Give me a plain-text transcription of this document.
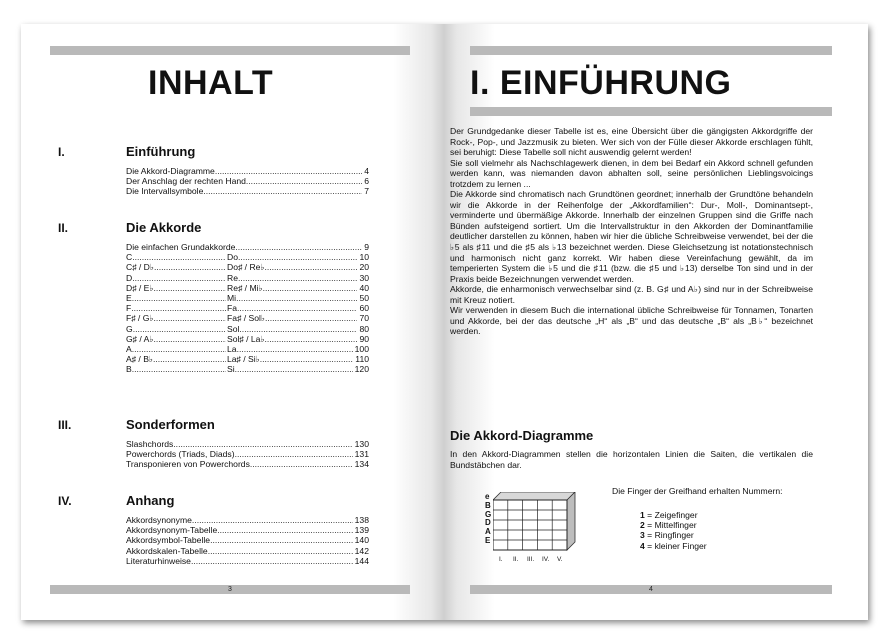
INHALT
I.	Einführung
Die Akkord-Diagramme .....	4
Der Anschlag der rechten Hand .....	6
Die Intervallsymbole .....	7
II.	Die Akkorde
Die einfachen Grundakkorde .....	9
C .....	Do .....	10
C♯ / D♭ .....	Do♯ / Re♭ .....	20
D .....	Re .....	30
D♯ / E♭ .....	Re♯ / Mi♭ .....	40
E .....	Mi .....	50
F .....	Fa .....	60
F♯ / G♭ .....	Fa♯ / Sol♭ .....	70
G .....	Sol .....	80
G♯ / A♭ .....	Sol♯ / La♭ .....	90
A .....	La .....	100
A♯ / B♭ .....	La♯ / Si♭ .....	110
B .....	Si .....	120
III.	Sonderformen
Slashchords .....	130
Powerchords (Triads, Diads) .....	131
Transponieren von Powerchords .....	134
IV.	Anhang
Akkordsynonyme .....	138
Akkordsynonym-Tabelle .....	139
Akkordsymbol-Tabelle .....	140
Akkordskalen-Tabelle .....	142
Literaturhinweise .....	144
3
I. EINFÜHRUNG

Der Grundgedanke dieser Tabelle ist es, eine Übersicht über die gängigsten Akkordgriffe der Rock-, Pop-, und Jazzmusik zu bieten. Wer sich von der Fülle dieser Akkorde erschlagen fühlt, sei beruhigt: Diese Tabelle soll nicht auswendig gelernt werden!

Sie soll vielmehr als Nachschlagewerk dienen, in dem bei Bedarf ein Akkord schnell gefunden werden kann, was niemanden davon abhalten soll, seine persönlichen Lieblingsvoicings trotzdem zu lernen ...

Die Akkorde sind chromatisch nach Grundtönen geordnet; innerhalb der Grundtöne behandeln wir die Akkorde in der Reihenfolge der „Akkordfamilien“: Dur-, Moll-, Dominantsept-, verminderte und übermäßige Akkorde. Innerhalb der einzelnen Gruppen sind die Griffe nach Bünden aufsteigend sortiert. Um die Intervallstruktur in den Akkorden der Dominantfamilie deutlicher darstellen zu können, haben wir hier die übliche Schreibweise verwendet, bei der die ♭5 als ♯11 und die ♯5 als ♭13 bezeichnet werden. Diese Gleichsetzung ist notationstechnisch und harmonisch nicht ganz korrekt. Wir haben diese Vereinfachung gewählt, da im temperierten System die ♭5 und die ♯11 (bzw. die ♯5 und ♭13) derselbe Ton sind und in der Praxis beide Bezeichnungen verwendet werden.

Akkorde, die enharmonisch verwechselbar sind (z. B. G♯ und A♭) sind nur in der Schreibweise mit Kreuz notiert.

Wir verwenden in diesem Buch die international übliche Schreibweise für Tonnamen, Tonarten und Akkorde, bei der das deutsche „H“ als „B“ und das deutsche „B“ als „B♭“ bezeichnet werden.

Die Akkord-Diagramme

In den Akkord-Diagrammen stellen die horizontalen Linien die Saiten, die vertikalen die Bundstäbchen dar.

e
B
G
D
A
E
I. II. III. IV. V.
Die Finger der Greifhand erhalten Nummern:
1 = Zeigefinger
2 = Mittelfinger
3 = Ringfinger
4 = kleiner Finger
4
